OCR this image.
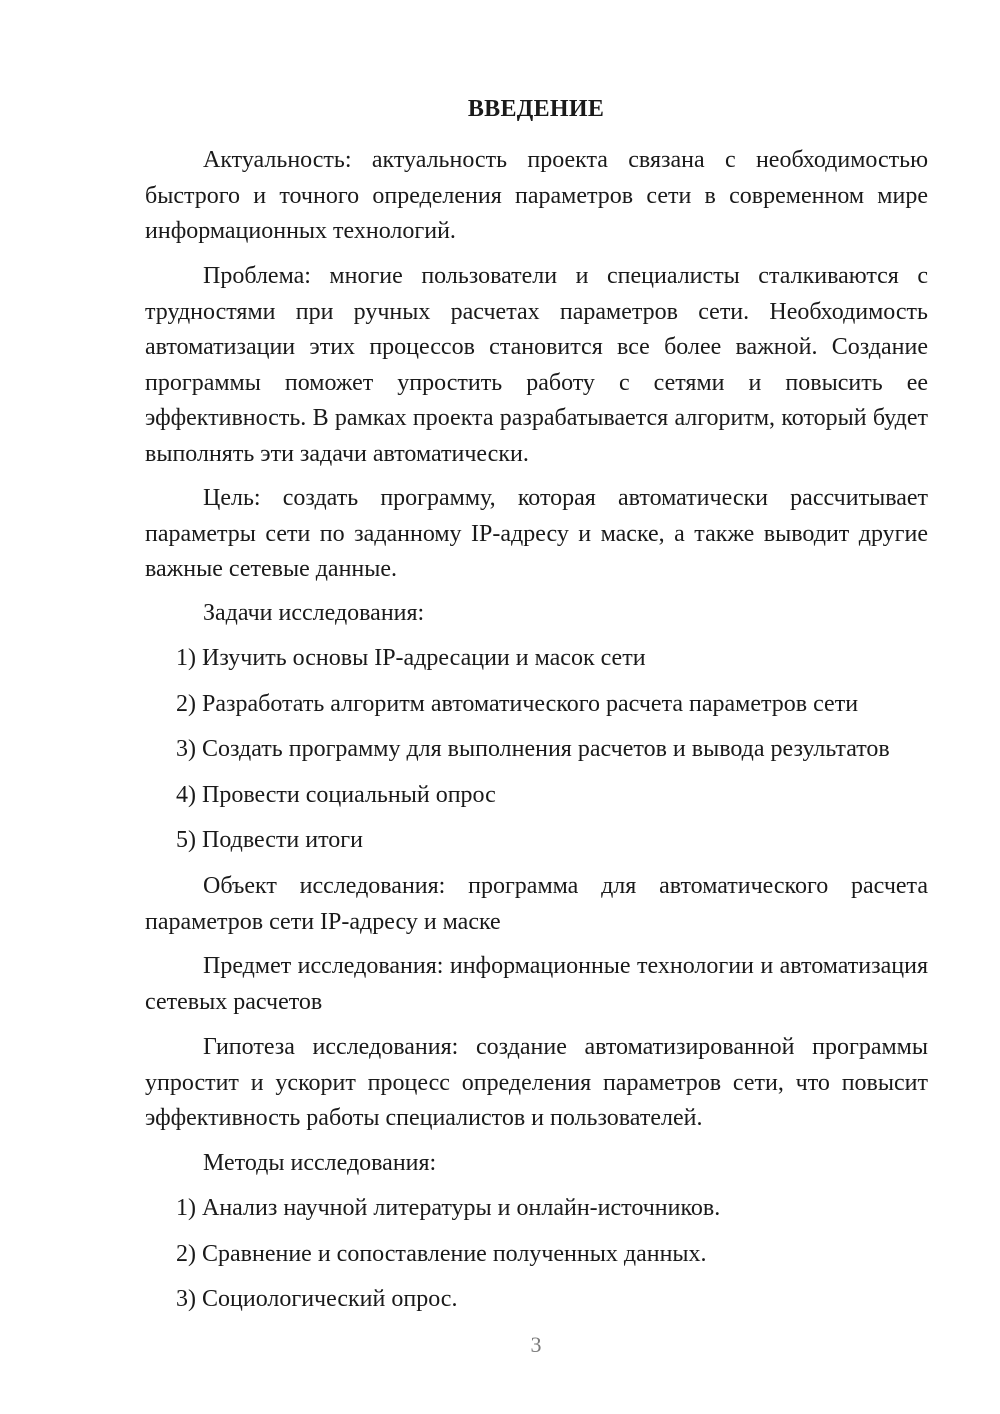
ВВЕДЕНИЕ
Актуальность: актуальность проекта связана с необходимостью быстрого и точного определения параметров сети в современном мире информационных технологий.
Проблема: многие пользователи и специалисты сталкиваются с трудностями при ручных расчетах параметров сети. Необходимость автоматизации этих процессов становится все более важной. Создание программы поможет упростить работу с сетями и повысить ее эффективность. В рамках проекта разрабатывается алгоритм, который будет выполнять эти задачи автоматически.
Цель: создать программу, которая автоматически рассчитывает параметры сети по заданному IP-адресу и маске, а также выводит другие важные сетевые данные.
Задачи исследования:
1) Изучить основы IP-адресации и масок сети
2) Разработать алгоритм автоматического расчета параметров сети
3) Создать программу для выполнения расчетов и вывода результатов
4) Провести социальный опрос
5) Подвести итоги
Объект исследования: программа для автоматического расчета параметров сети IP-адресу и маске
Предмет исследования: информационные технологии и автоматизация сетевых расчетов
Гипотеза исследования: создание автоматизированной программы упростит и ускорит процесс определения параметров сети, что повысит эффективность работы специалистов и пользователей.
Методы исследования:
1) Анализ научной литературы и онлайн-источников.
2) Сравнение и сопоставление полученных данных.
3) Социологический опрос.
3
